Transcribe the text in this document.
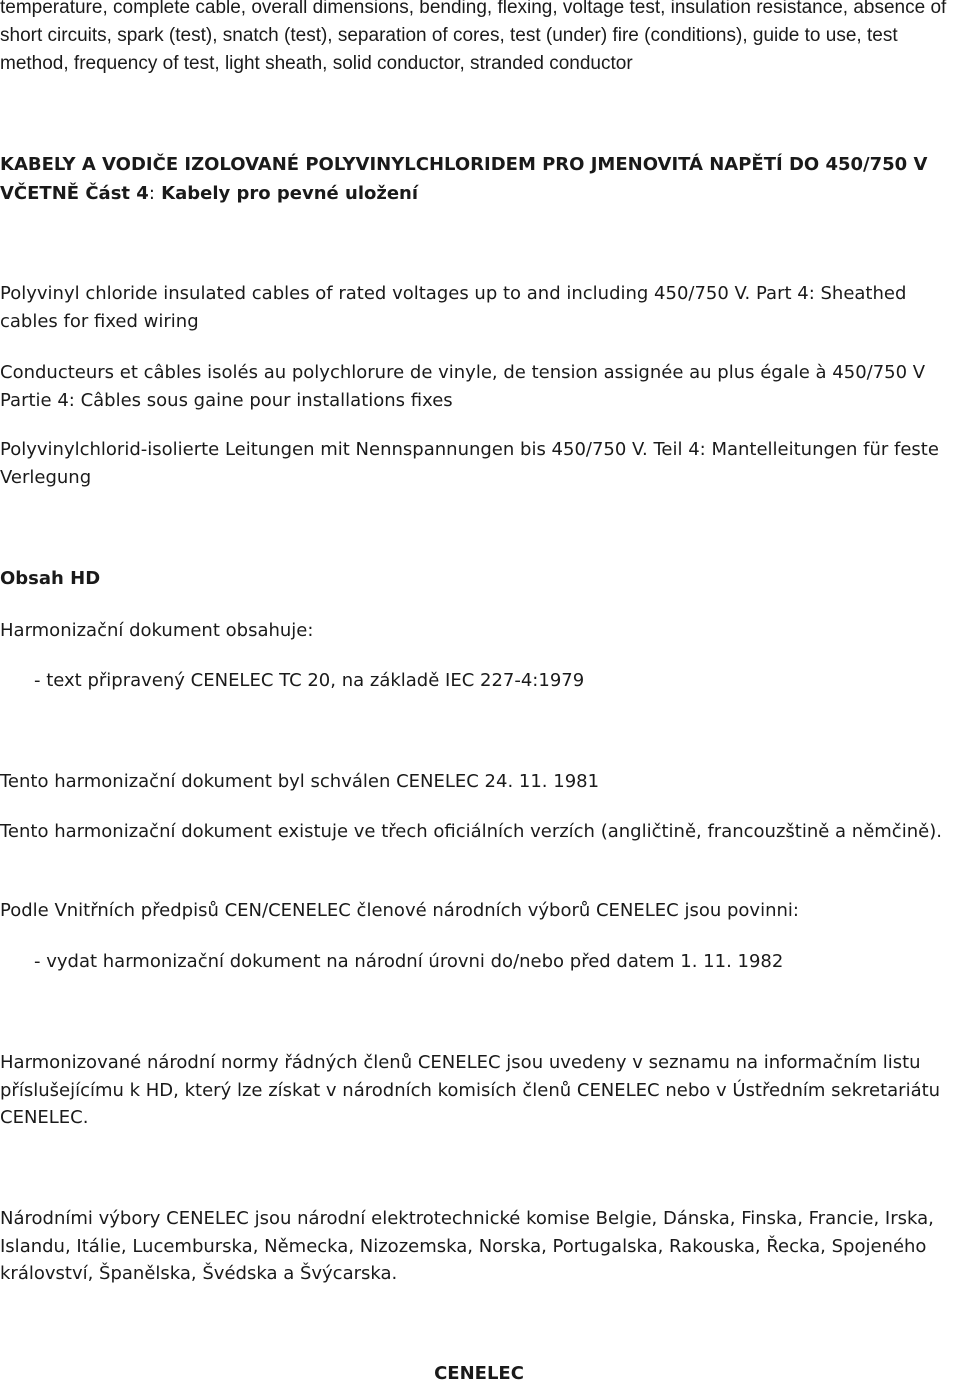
temperature, complete cable, overall dimensions, bending, flexing, voltage test, insulation resistance, absence of short circuits, spark (test), snatch (test), separation of cores, test (under) fire (conditions), guide to use, test method, frequency of test, light sheath, solid conductor, stranded conductor

KABELY A VODIČE IZOLOVANÉ POLYVINYLCHLORIDEM PRO JMENOVITÁ NAPĚTÍ DO 450/750 V VČETNĚ Část 4: Kabely pro pevné uložení

Polyvinyl chloride insulated cables of rated voltages up to and including 450/750 V. Part 4: Sheathed cables for fixed wiring

Conducteurs et câbles isolés au polychlorure de vinyle, de tension assignée au plus égale à 450/750 V Partie 4: Câbles sous gaine pour installations fixes

Polyvinylchlorid-isolierte Leitungen mit Nennspannungen bis 450/750 V. Teil 4: Mantelleitungen für feste Verlegung

Obsah HD

Harmonizační dokument obsahuje:

- text připravený CENELEC TC 20, na základě IEC 227-4:1979

Tento harmonizační dokument byl schválen CENELEC 24. 11. 1981

Tento harmonizační dokument existuje ve třech oficiálních verzích (angličtině, francouzštině a němčině).

Podle Vnitřních předpisů CEN/CENELEC členové národních výborů CENELEC jsou povinni:

- vydat harmonizační dokument na národní úrovni do/nebo před datem 1. 11. 1982

Harmonizované národní normy řádných členů CENELEC jsou uvedeny v seznamu na informačním listu příslušejícímu k HD, který lze získat v národních komisích členů CENELEC nebo v Ústředním sekretariátu CENELEC.

Národními výbory CENELEC jsou národní elektrotechnické komise Belgie, Dánska, Finska, Francie, Irska, Islandu, Itálie, Lucemburska, Německa, Nizozemska, Norska, Portugalska, Rakouska, Řecka, Spojeného království, Španělska, Švédska a Švýcarska.

CENELEC
